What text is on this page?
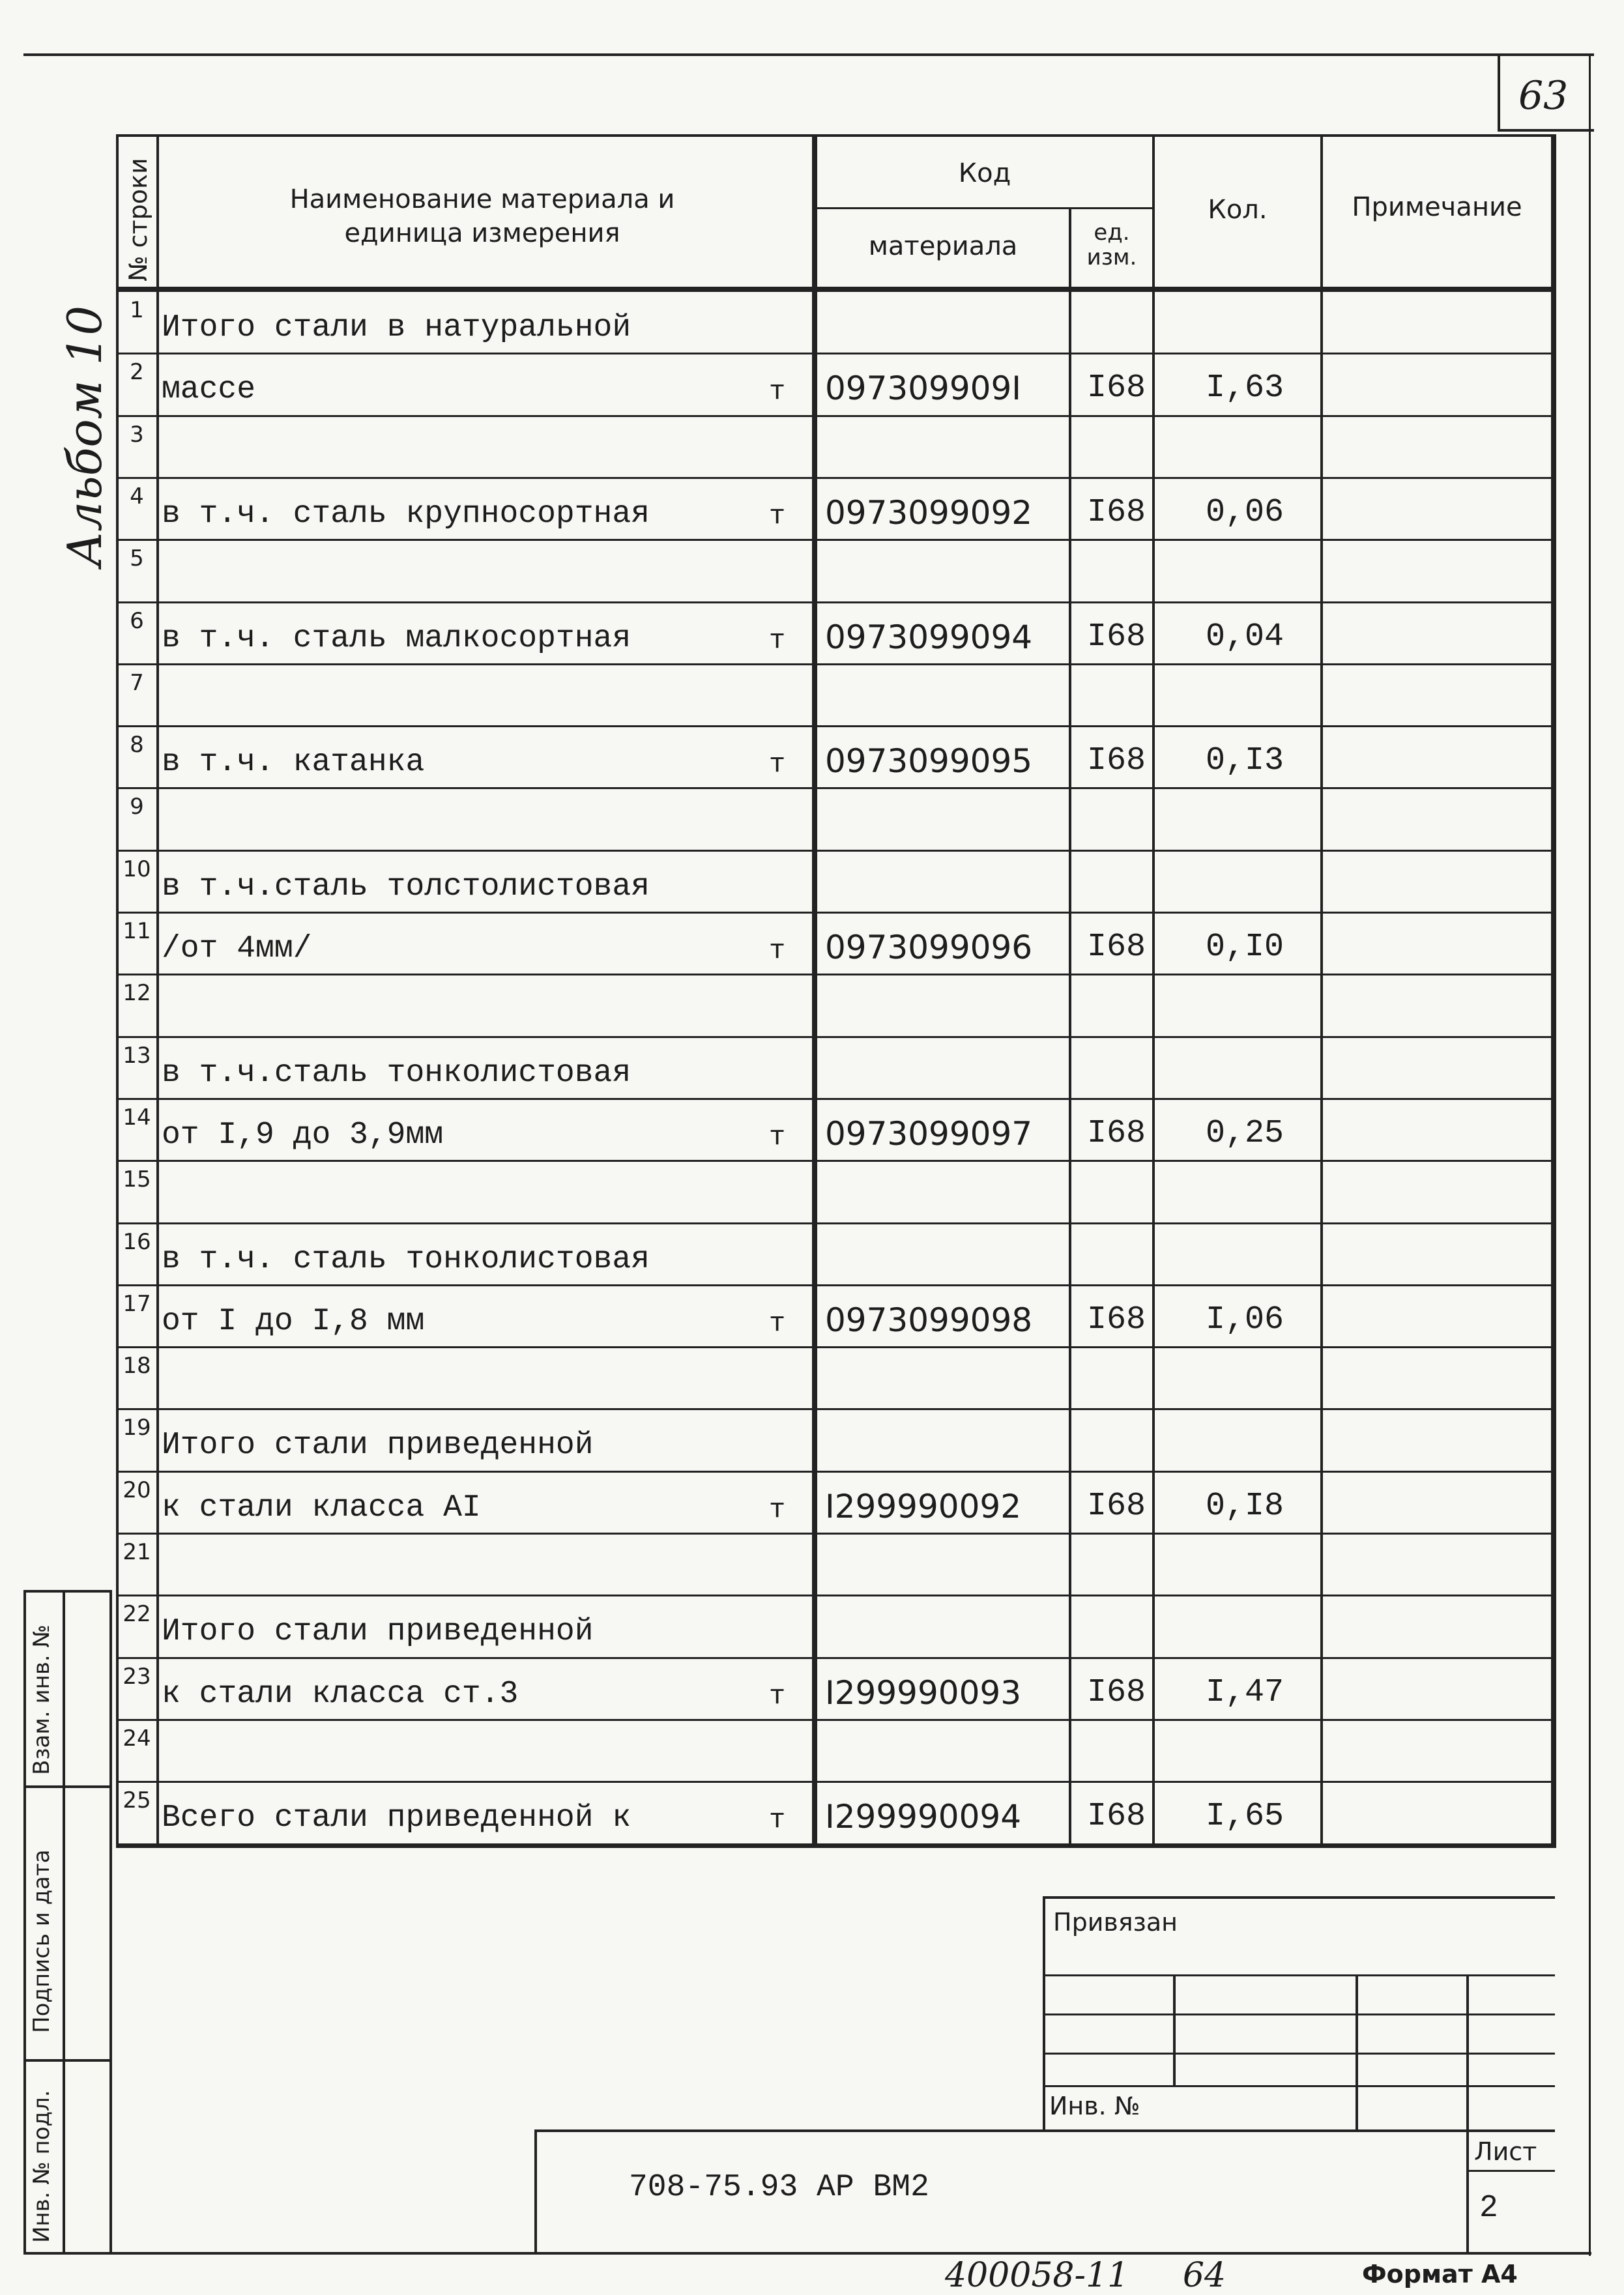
63
Альбом 10
№ строки	Наименование материала и единица измерения
Код
материала	ед. изм.
Кол.	Примечание
1 Итого стали в натуральной
2 массе	т 097309909I I68	I,63
3
4 в т.ч. сталь крупносортная	т 0973099092 I68	0,06
5
6 в т.ч. сталь малкосортная	т 0973099094 I68	0,04
7
8 в т.ч. катанка	т 0973099095 I68	0,I3
9
10 в т.ч.сталь толстолистовая
11 /от 4мм/	т 0973099096 I68	0,I0
12
13 в т.ч.сталь тонколистовая
14 от I,9 до 3,9мм	т 0973099097 I68	0,25
15
16 в т.ч. сталь тонколистовая
17 от I до I,8 мм	т 0973099098 I68	I,06
18
19 Итого стали приведенной
20 к стали класса АI	т I299990092 I68	0,I8
21
22 Итого стали приведенной
23 к стали класса ст.3	т I299990093 I68	I,47
24
25 Всего стали приведенной к	т I299990094 I68	I,65
Инв. № подл.
Подпись и дата
Взам. инв. №
Привязан
Инв. №
708-75.93 АР ВМ2
Лист
2
400058-11     64	Формат А4
